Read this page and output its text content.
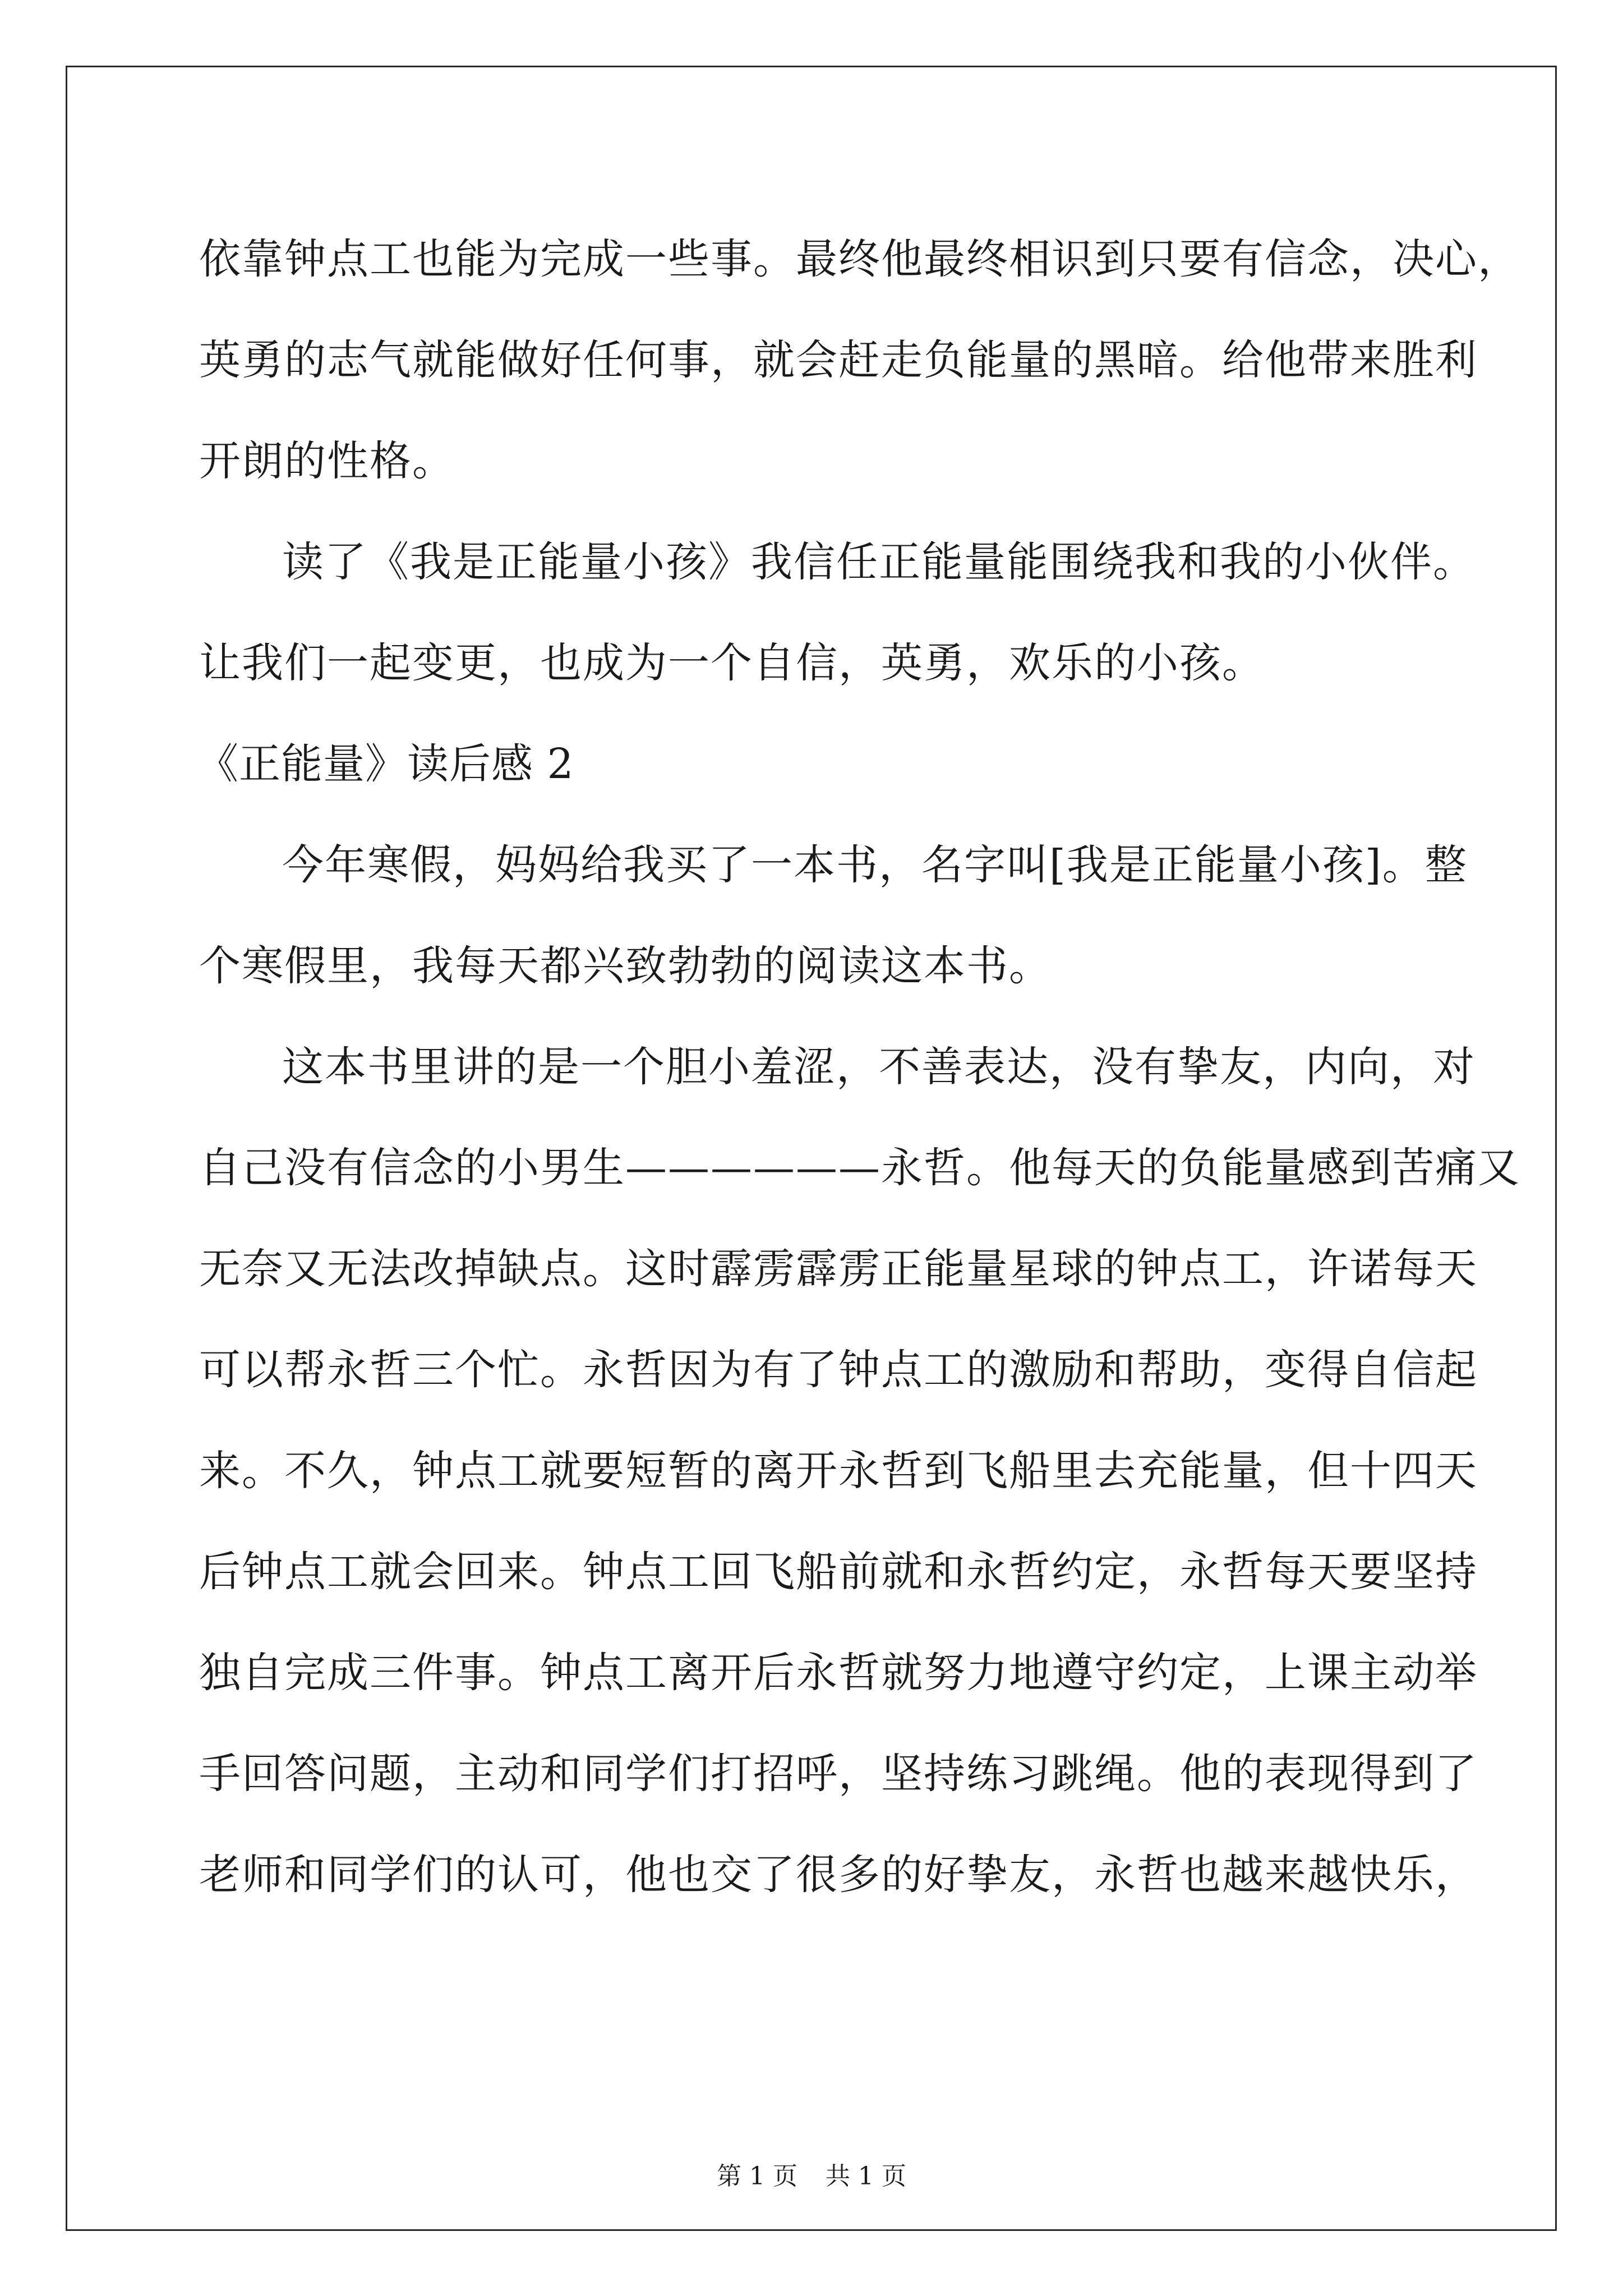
依靠钟点工也能为完成一些事。最终他最终相识到只要有信念，决心，
英勇的志气就能做好任何事，就会赶走负能量的黑暗。给他带来胜利
开朗的性格。
读了《我是正能量小孩》我信任正能量能围绕我和我的小伙伴。
让我们一起变更，也成为一个自信，英勇，欢乐的小孩。
《正能量》读后感 2
今年寒假，妈妈给我买了一本书，名字叫[我是正能量小孩]。整
个寒假里，我每天都兴致勃勃的阅读这本书。
这本书里讲的是一个胆小羞涩，不善表达，没有挚友，内向，对
自己没有信念的小男生——————永哲。他每天的负能量感到苦痛又
无奈又无法改掉缺点。这时霹雳霹雳正能量星球的钟点工，许诺每天
可以帮永哲三个忙。永哲因为有了钟点工的激励和帮助，变得自信起
来。不久，钟点工就要短暂的离开永哲到飞船里去充能量，但十四天
后钟点工就会回来。钟点工回飞船前就和永哲约定，永哲每天要坚持
独自完成三件事。钟点工离开后永哲就努力地遵守约定，上课主动举
手回答问题，主动和同学们打招呼，坚持练习跳绳。他的表现得到了
老师和同学们的认可，他也交了很多的好挚友，永哲也越来越快乐，
第 1 页 共 1 页
